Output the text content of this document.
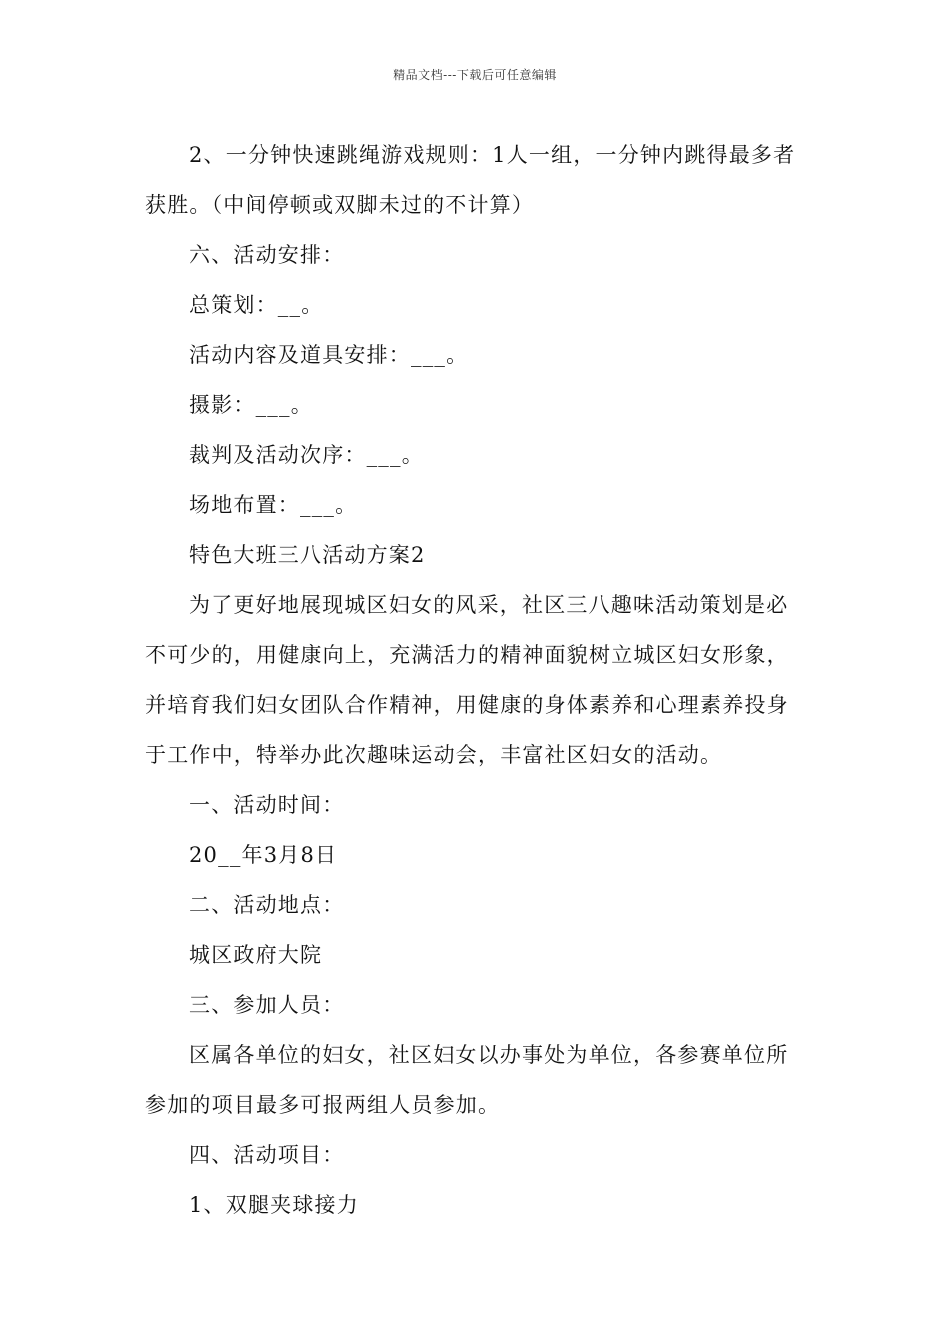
精品文档---下载后可任意编辑

2、一分钟快速跳绳游戏规则：1人一组，一分钟内跳得最多者获胜。（中间停顿或双脚未过的不计算）

六、活动安排：

总策划：__。

活动内容及道具安排：___。

摄影：___。

裁判及活动次序：___。

场地布置：___。

特色大班三八活动方案2

为了更好地展现城区妇女的风采，社区三八趣味活动策划是必不可少的，用健康向上，充满活力的精神面貌树立城区妇女形象，并培育我们妇女团队合作精神，用健康的身体素养和心理素养投身于工作中，特举办此次趣味运动会，丰富社区妇女的活动。

一、活动时间：

20__年3月8日

二、活动地点：

城区政府大院

三、参加人员：

区属各单位的妇女，社区妇女以办事处为单位，各参赛单位所参加的项目最多可报两组人员参加。

四、活动项目：

1、双腿夹球接力
